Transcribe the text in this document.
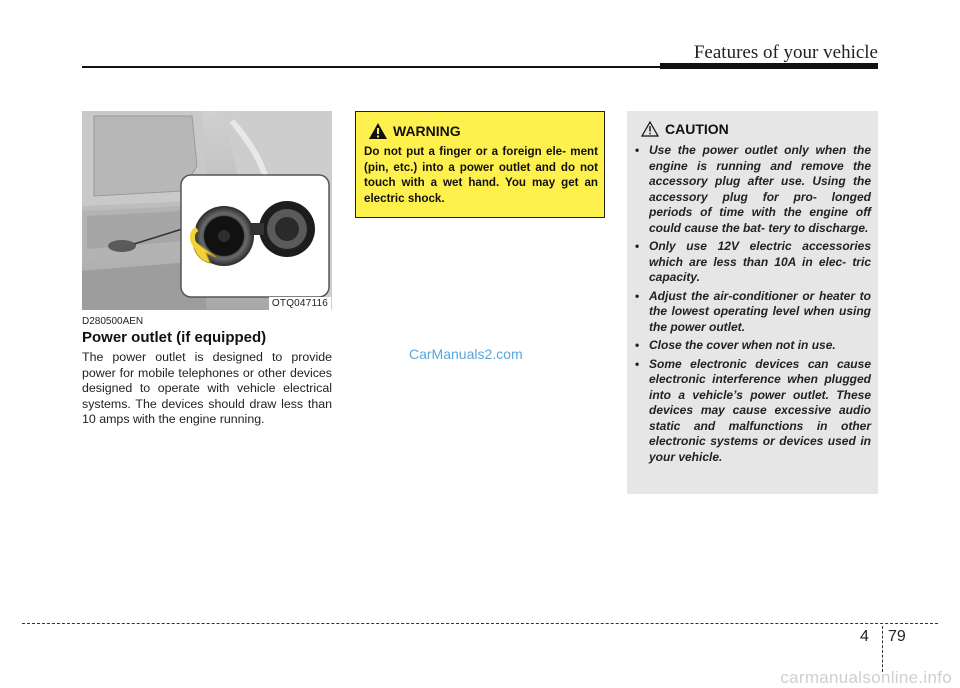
Features of your vehicle
OTQ047116
D280500AEN
Power outlet (if equipped)
The power outlet is designed to provide power for mobile telephones or other devices designed to operate with vehicle electrical systems. The devices should draw less than 10 amps with the engine running.
WARNING
Do not put a finger or a foreign ele- ment (pin, etc.) into a power outlet and do not touch with a wet hand. You may get an electric shock.
CAUTION
• Use the power outlet only when the engine is running and remove the accessory plug after use. Using the accessory plug for pro- longed periods of time with the engine off could cause the bat- tery to discharge.
• Only use 12V electric accessories which are less than 10A in elec- tric capacity.
• Adjust the air-conditioner or heater to the lowest operating level when using the power outlet.
• Close the cover when not in use.
• Some electronic devices can cause electronic interference when plugged into a vehicle’s power outlet. These devices may cause excessive audio static and malfunctions in other electronic systems or devices used in your vehicle.
CarManuals2.com
4 79
carmanualsonline.info
